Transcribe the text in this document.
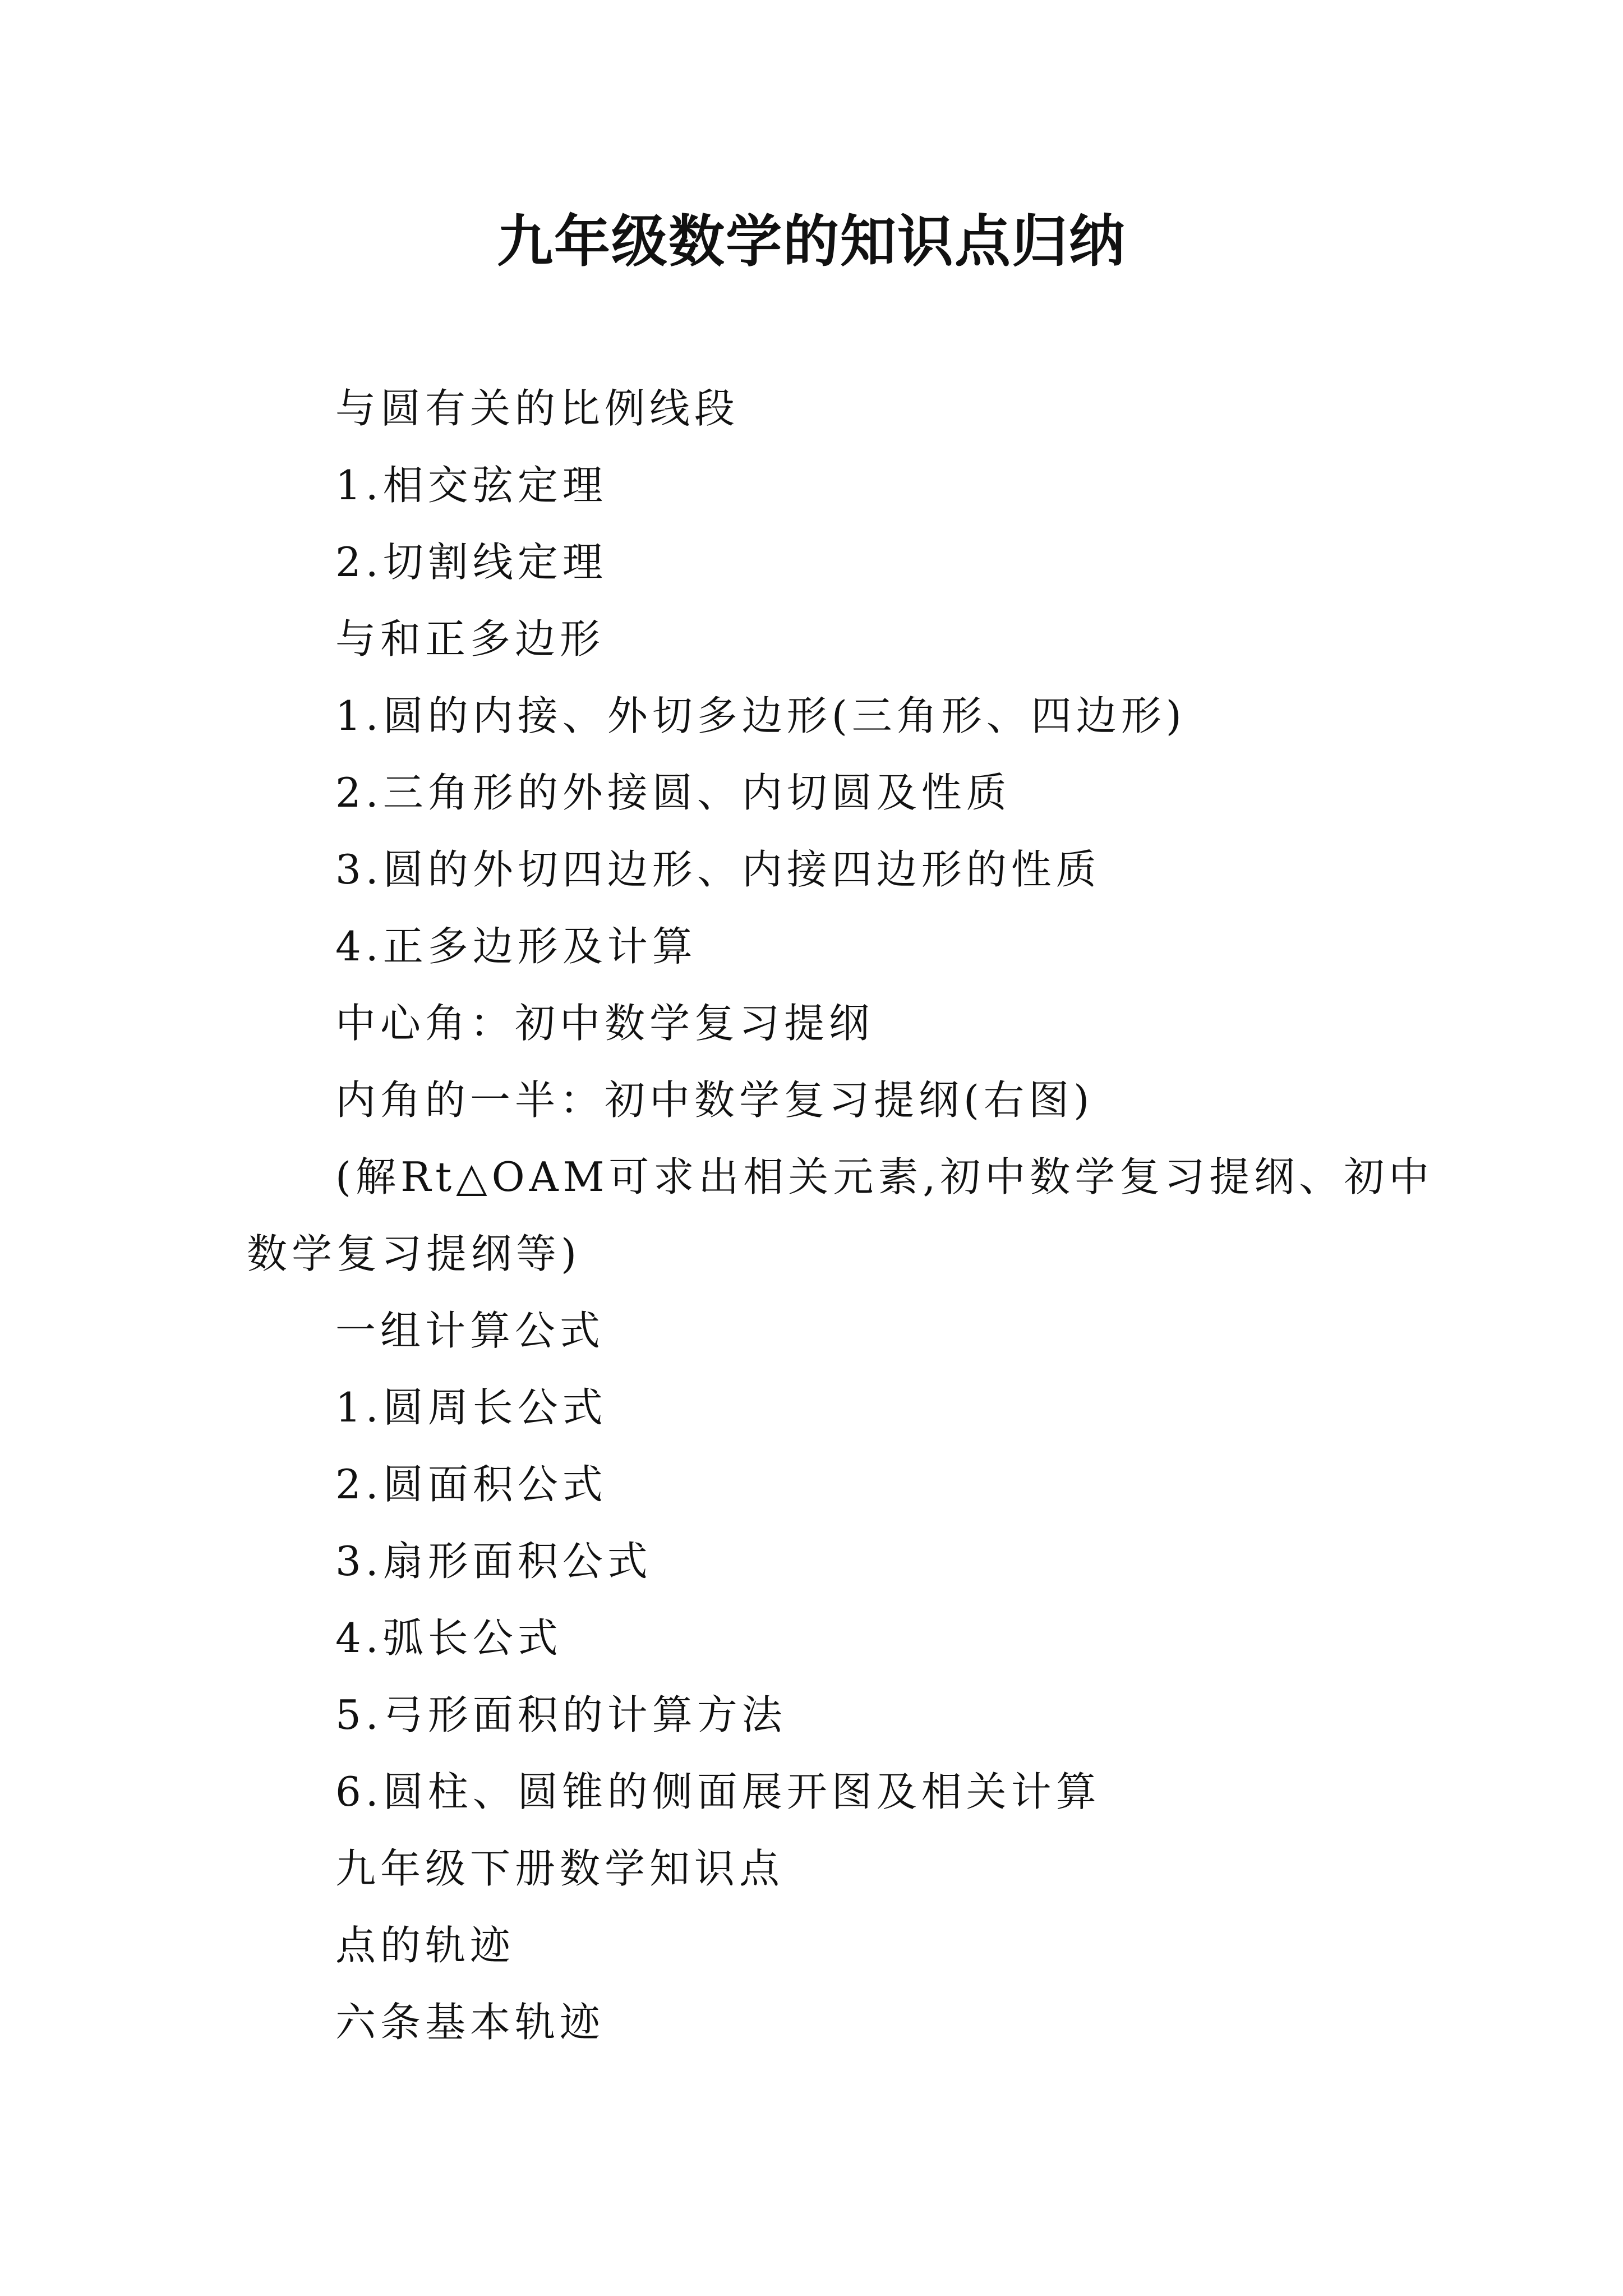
九年级数学的知识点归纳

与圆有关的比例线段

1.相交弦定理

2.切割线定理

与和正多边形

1.圆的内接、外切多边形(三角形、四边形)

2.三角形的外接圆、内切圆及性质

3.圆的外切四边形、内接四边形的性质

4.正多边形及计算

中心角：初中数学复习提纲

内角的一半：初中数学复习提纲(右图)

(解Rt△OAM可求出相关元素,初中数学复习提纲、初中

数学复习提纲等)

一组计算公式

1.圆周长公式

2.圆面积公式

3.扇形面积公式

4.弧长公式

5.弓形面积的计算方法

6.圆柱、圆锥的侧面展开图及相关计算

九年级下册数学知识点

点的轨迹

六条基本轨迹
